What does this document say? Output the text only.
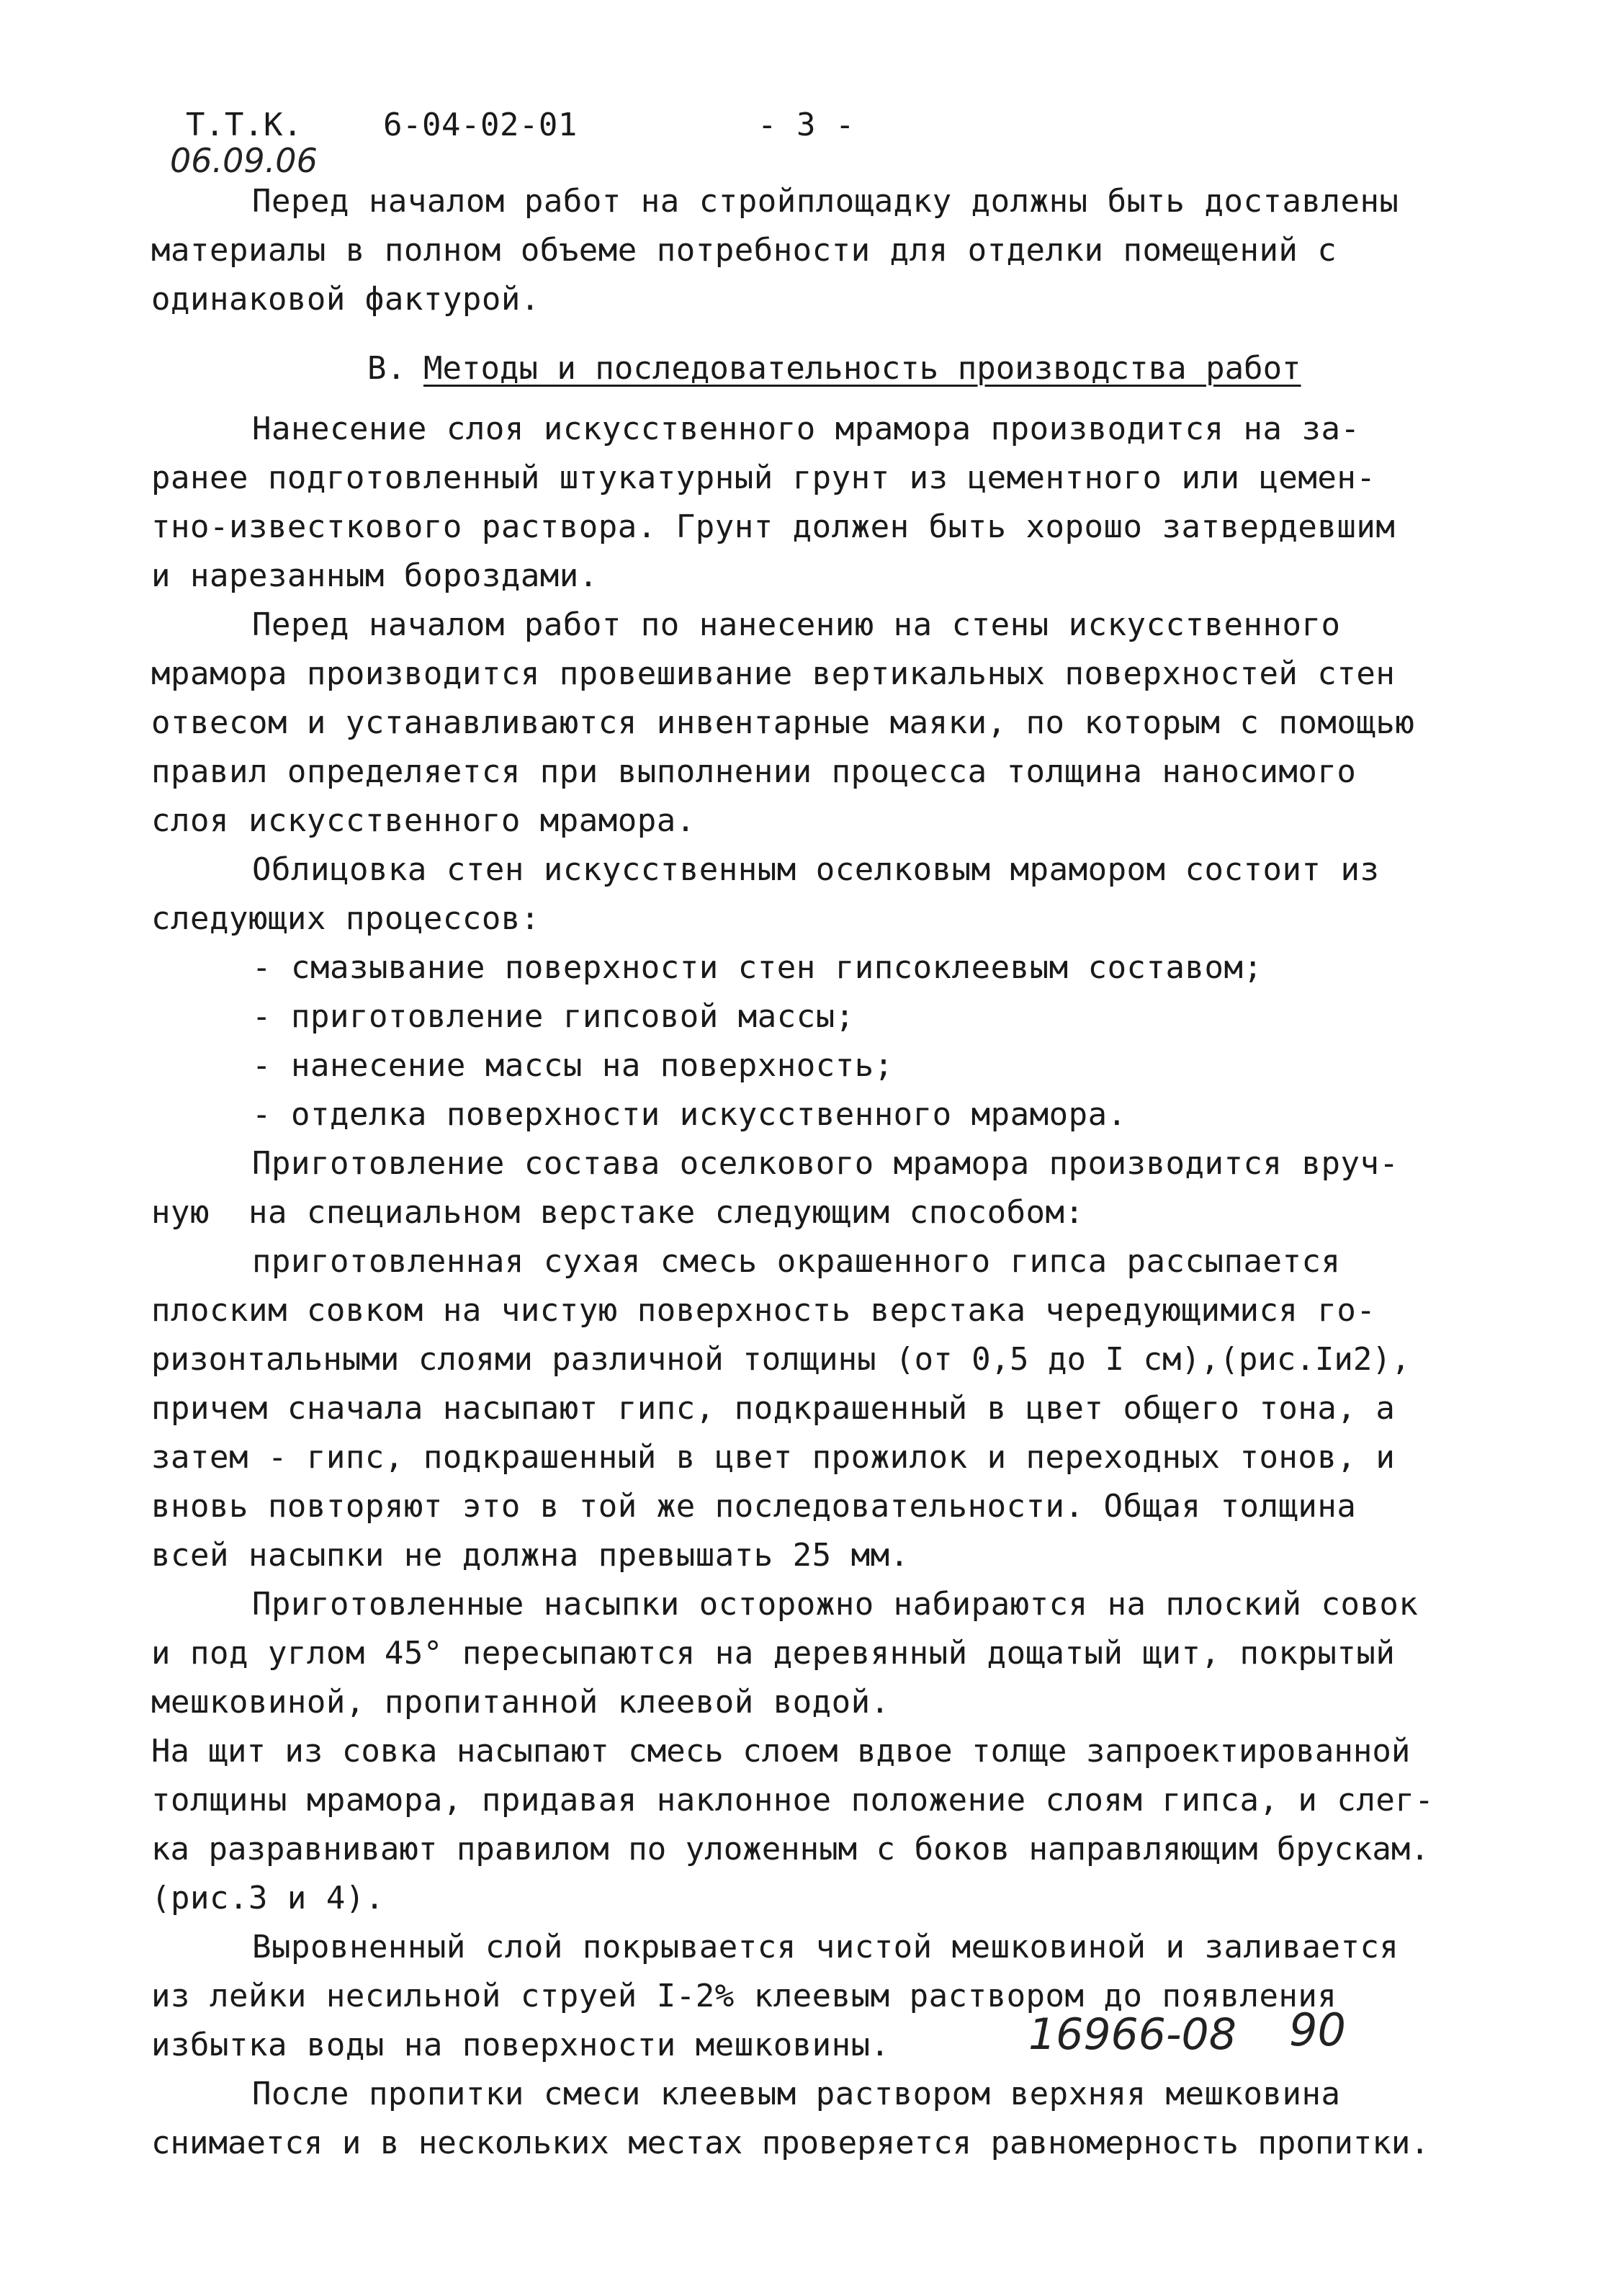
Т.Т.К.	6-04-02-01	- 3 -
06.09.06
Перед началом работ на стройплощадку должны быть доставлены
материалы в полном объеме потребности для отделки помещений с
одинаковой фактурой.
В. Методы и последовательность производства работ
Нанесение слоя искусственного мрамора производится на за-
ранее подготовленный штукатурный грунт из цементного или цемен-
тно-известкового раствора. Грунт должен быть хорошо затвердевшим
и нарезанным бороздами.
Перед началом работ по нанесению на стены искусственного
мрамора производится провешивание вертикальных поверхностей стен
отвесом и устанавливаются инвентарные маяки, по которым с помощью
правил определяется при выполнении процесса толщина наносимого
слоя искусственного мрамора.
Облицовка стен искусственным оселковым мрамором состоит из
следующих процессов:
- смазывание поверхности стен гипсоклеевым составом;
- приготовление гипсовой массы;
- нанесение массы на поверхность;
- отделка поверхности искусственного мрамора.
Приготовление состава оселкового мрамора производится вруч-
ную  на специальном верстаке следующим способом:
приготовленная сухая смесь окрашенного гипса рассыпается
плоским совком на чистую поверхность верстака чередующимися го-
ризонтальными слоями различной толщины (от 0,5 до I см),(рис.Iи2),
причем сначала насыпают гипс, подкрашенный в цвет общего тона, а
затем - гипс, подкрашенный в цвет прожилок и переходных тонов, и
вновь повторяют это в той же последовательности. Общая толщина
всей насыпки не должна превышать 25 мм.
Приготовленные насыпки осторожно набираются на плоский совок
и под углом 45° пересыпаются на деревянный дощатый щит, покрытый
мешковиной, пропитанной клеевой водой.
На щит из совка насыпают смесь слоем вдвое толще запроектированной
толщины мрамора, придавая наклонное положение слоям гипса, и слег-
ка разравнивают правилом по уложенным с боков направляющим брускам.
(рис.3 и 4).
Выровненный слой покрывается чистой мешковиной и заливается
из лейки несильной струей I-2% клеевым раствором до появления
избытка воды на поверхности мешковины.	16966-08 90
После пропитки смеси клеевым раствором верхняя мешковина
снимается и в нескольких местах проверяется равномерность пропитки.
